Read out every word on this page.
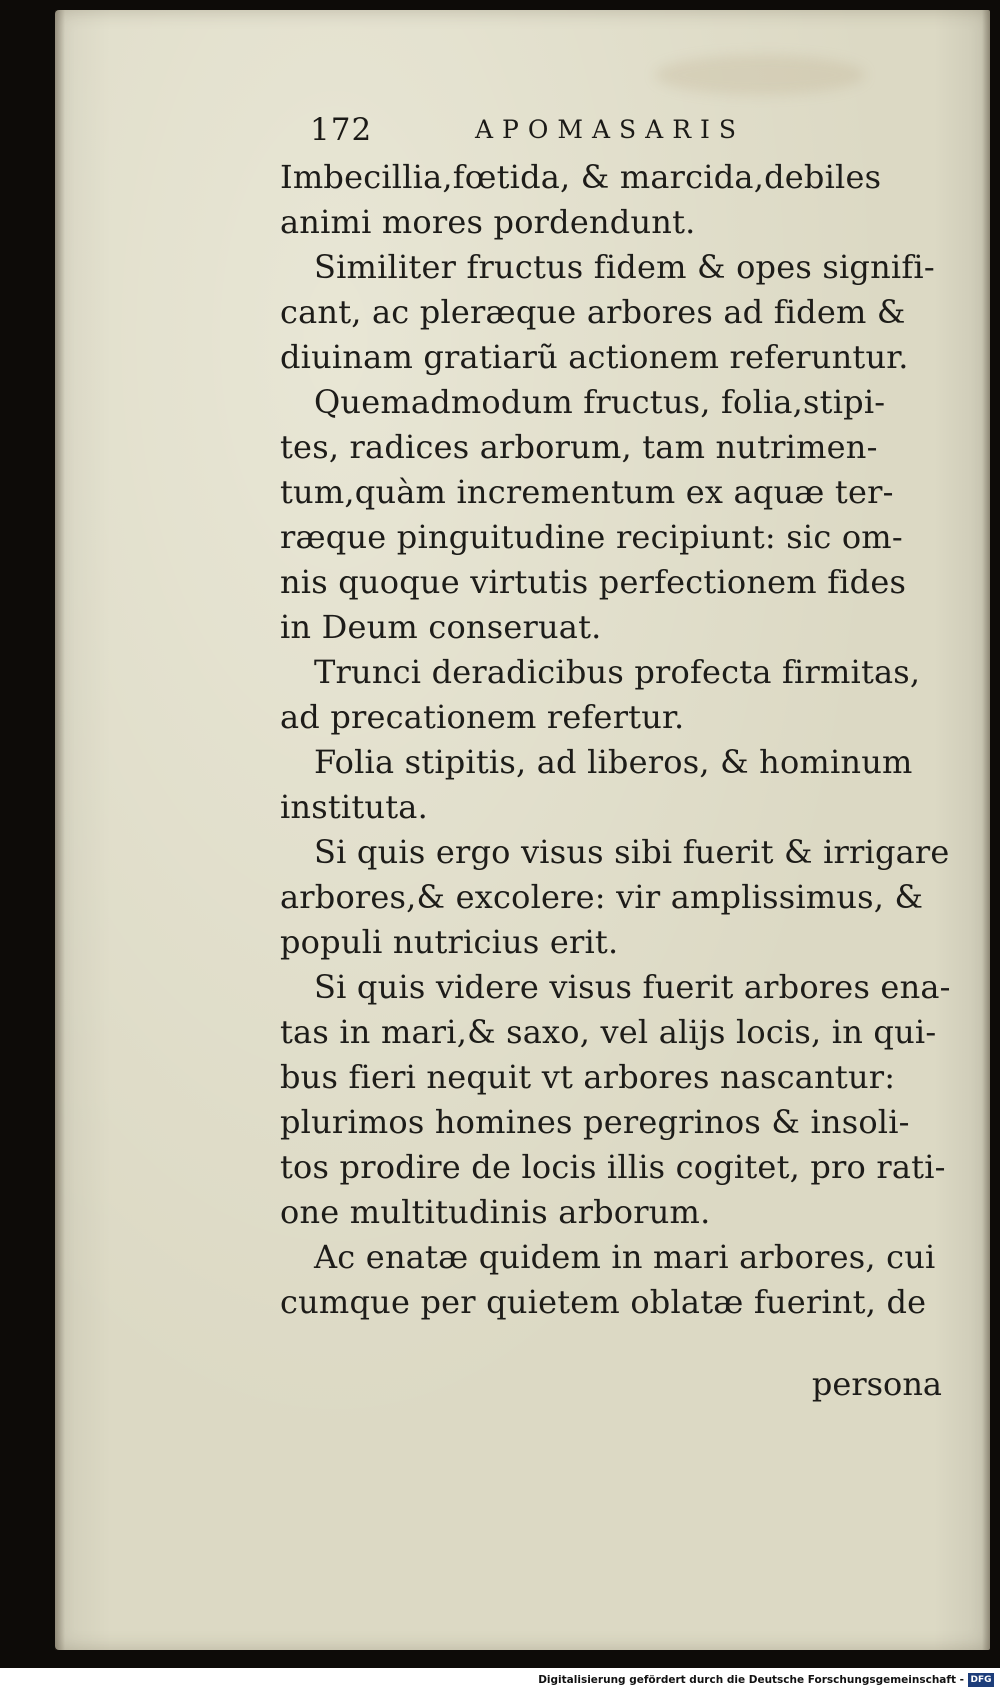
172	APOMASARIS
Imbecillia,fœtida, & marcida,debiles
animi mores pordendunt.
Similiter fructus fidem & opes signifi-
cant, ac pleræque arbores ad fidem &
diuinam gratiarũ actionem referuntur.
Quemadmodum fructus, folia,stipi-
tes, radices arborum, tam nutrimen-
tum,quàm incrementum ex aquæ ter-
ræque pinguitudine recipiunt: sic om-
nis quoque virtutis perfectionem fides
in Deum conseruat.
Trunci deradicibus profecta firmitas,
ad precationem refertur.
Folia stipitis, ad liberos, & hominum
instituta.
Si quis ergo visus sibi fuerit & irrigare
arbores,& excolere: vir amplissimus, &
populi nutricius erit.
Si quis videre visus fuerit arbores ena-
tas in mari,& saxo, vel alijs locis, in qui-
bus fieri nequit vt arbores nascantur:
plurimos homines peregrinos & insoli-
tos prodire de locis illis cogitet, pro rati-
one multitudinis arborum.
Ac enatæ quidem in mari arbores, cui
cumque per quietem oblatæ fuerint, de
persona
Digitalisierung gefördert durch die Deutsche Forschungsgemeinschaft - DFG
